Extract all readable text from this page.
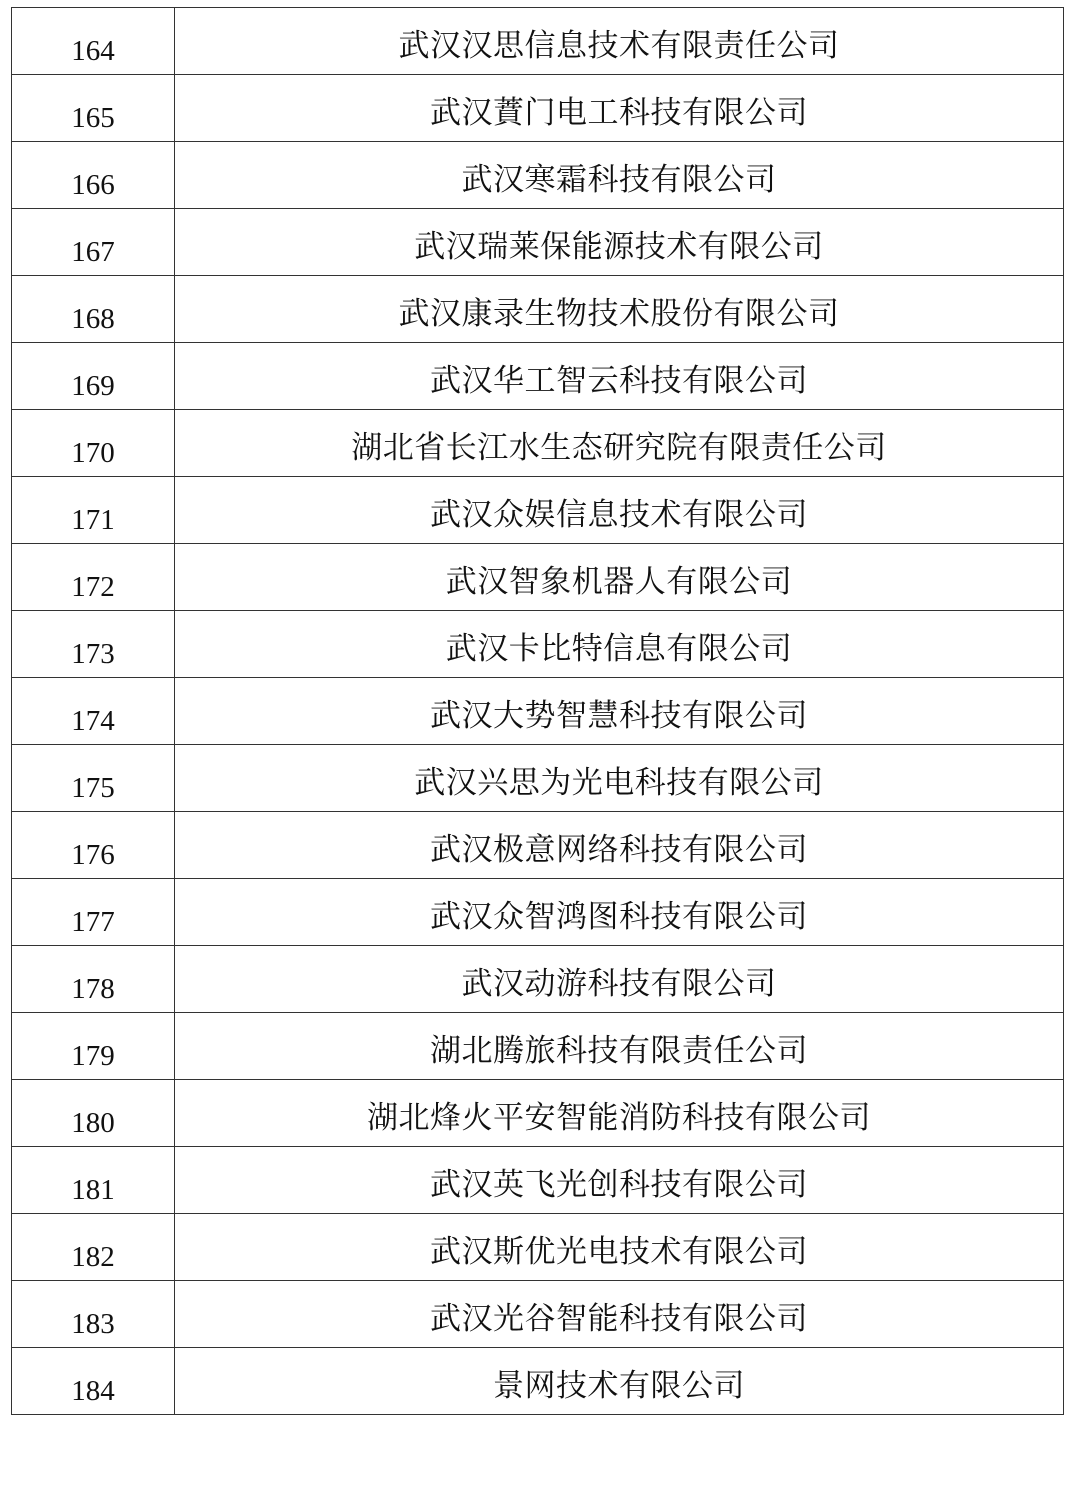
164	武汉汉思信息技术有限责任公司
165	武汉蕡门电工科技有限公司
166	武汉寒霜科技有限公司
167	武汉瑞莱保能源技术有限公司
168	武汉康录生物技术股份有限公司
169	武汉华工智云科技有限公司
170	湖北省长江水生态研究院有限责任公司
171	武汉众娱信息技术有限公司
172	武汉智象机器人有限公司
173	武汉卡比特信息有限公司
174	武汉大势智慧科技有限公司
175	武汉兴思为光电科技有限公司
176	武汉极意网络科技有限公司
177	武汉众智鸿图科技有限公司
178	武汉动游科技有限公司
179	湖北腾旅科技有限责任公司
180	湖北烽火平安智能消防科技有限公司
181	武汉英飞光创科技有限公司
182	武汉斯优光电技术有限公司
183	武汉光谷智能科技有限公司
184	景网技术有限公司
